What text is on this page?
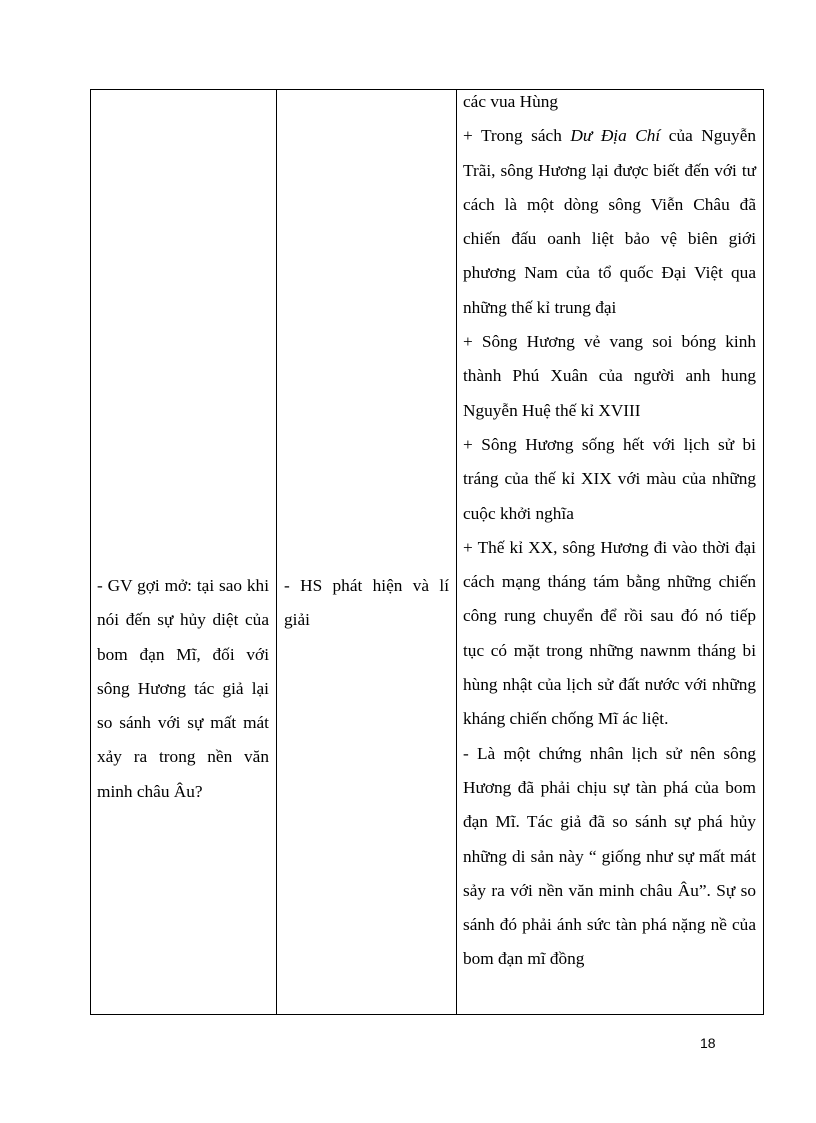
- GV gợi mở: tại sao khi nói đến sự hủy diệt của bom đạn Mĩ, đối với sông Hương tác giả lại so sánh với sự mất mát xảy ra trong nền văn minh châu Âu?
- HS phát hiện và lí giải

các vua Hùng

+ Trong sách Dư Địa Chí của Nguyễn Trãi, sông Hương lại được biết đến với tư cách là một dòng sông Viễn Châu đã chiến đấu oanh liệt bảo vệ biên giới phương Nam của tổ quốc Đại Việt qua những thế kỉ trung đại

+ Sông Hương vẻ vang soi bóng kinh thành Phú Xuân của người anh hung Nguyễn Huệ thế kỉ XVIII

+ Sông Hương sống hết với lịch sử bi tráng của thế kỉ XIX với màu của những cuộc khởi nghĩa

+ Thế kỉ XX, sông Hương đi vào thời đại cách mạng tháng tám bằng những chiến công rung chuyển để rồi sau đó nó tiếp tục có mặt trong những nawnm tháng bi hùng nhật của lịch sử đất nước với những kháng chiến chống Mĩ ác liệt.

- Là một chứng nhân lịch sử nên sông Hương đã phải chịu sự tàn phá của bom đạn Mĩ. Tác giả đã so sánh sự phá hủy những di sản này “ giống như sự mất mát sảy ra với nền văn minh châu Âu”. Sự so sánh đó phải ánh sức tàn phá nặng nề của bom đạn mĩ đồng

18
